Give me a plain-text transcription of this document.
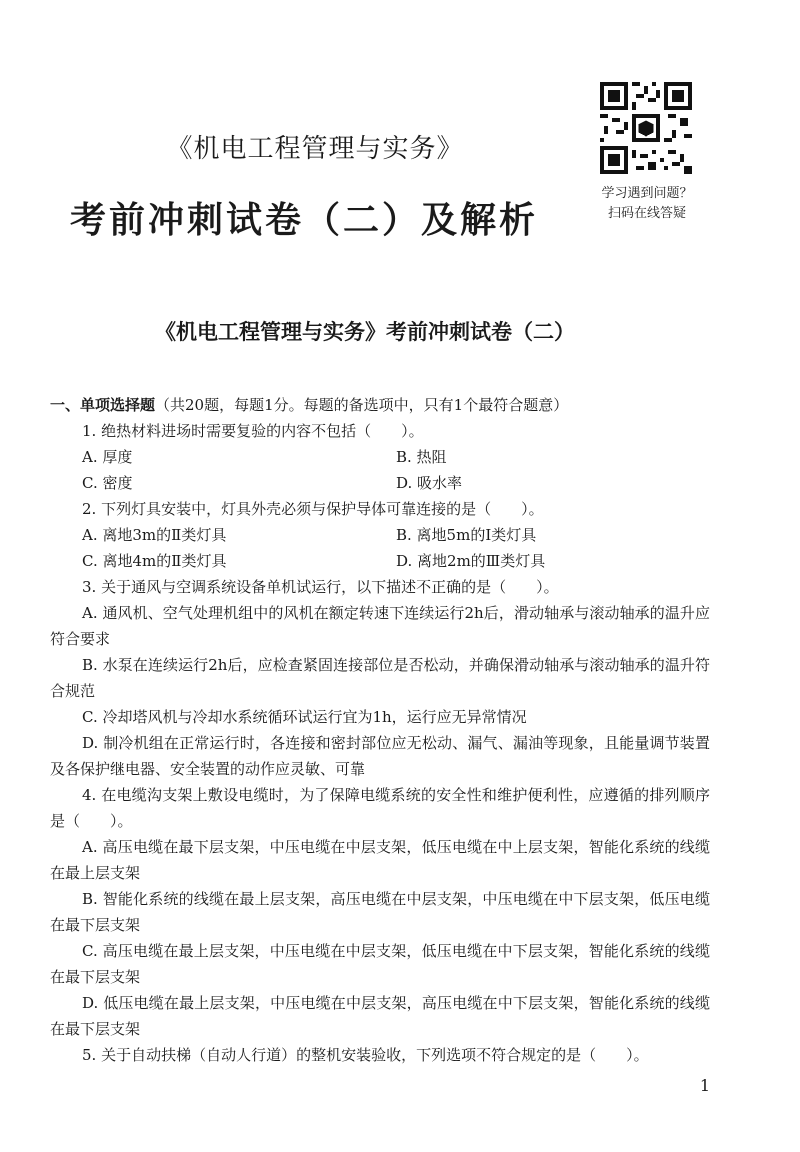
学习遇到问题？
扫码在线答疑
《机电工程管理与实务》
考前冲刺试卷（二）及解析
《机电工程管理与实务》考前冲刺试卷（二）

一、单项选择题（共20题，每题1分。每题的备选项中，只有1个最符合题意）

1. 绝热材料进场时需要复验的内容不包括（　　）。

A. 厚度	B. 热阻
C. 密度	D. 吸水率

2. 下列灯具安装中，灯具外壳必须与保护导体可靠连接的是（　　）。

A. 离地3m的Ⅱ类灯具	B. 离地5m的Ⅰ类灯具
C. 离地4m的Ⅱ类灯具	D. 离地2m的Ⅲ类灯具

3. 关于通风与空调系统设备单机试运行，以下描述不正确的是（　　）。

A. 通风机、空气处理机组中的风机在额定转速下连续运行2h后，滑动轴承与滚动轴承的温升应符合要求

B. 水泵在连续运行2h后，应检查紧固连接部位是否松动，并确保滑动轴承与滚动轴承的温升符合规范

C. 冷却塔风机与冷却水系统循环试运行宜为1h，运行应无异常情况

D. 制冷机组在正常运行时，各连接和密封部位应无松动、漏气、漏油等现象，且能量调节装置及各保护继电器、安全装置的动作应灵敏、可靠

4. 在电缆沟支架上敷设电缆时，为了保障电缆系统的安全性和维护便利性，应遵循的排列顺序是（　　）。

A. 高压电缆在最下层支架，中压电缆在中层支架，低压电缆在中上层支架，智能化系统的线缆在最上层支架

B. 智能化系统的线缆在最上层支架，高压电缆在中层支架，中压电缆在中下层支架，低压电缆在最下层支架

C. 高压电缆在最上层支架，中压电缆在中层支架，低压电缆在中下层支架，智能化系统的线缆在最下层支架

D. 低压电缆在最上层支架，中压电缆在中层支架，高压电缆在中下层支架，智能化系统的线缆在最下层支架

5. 关于自动扶梯（自动人行道）的整机安装验收，下列选项不符合规定的是（　　）。

1
